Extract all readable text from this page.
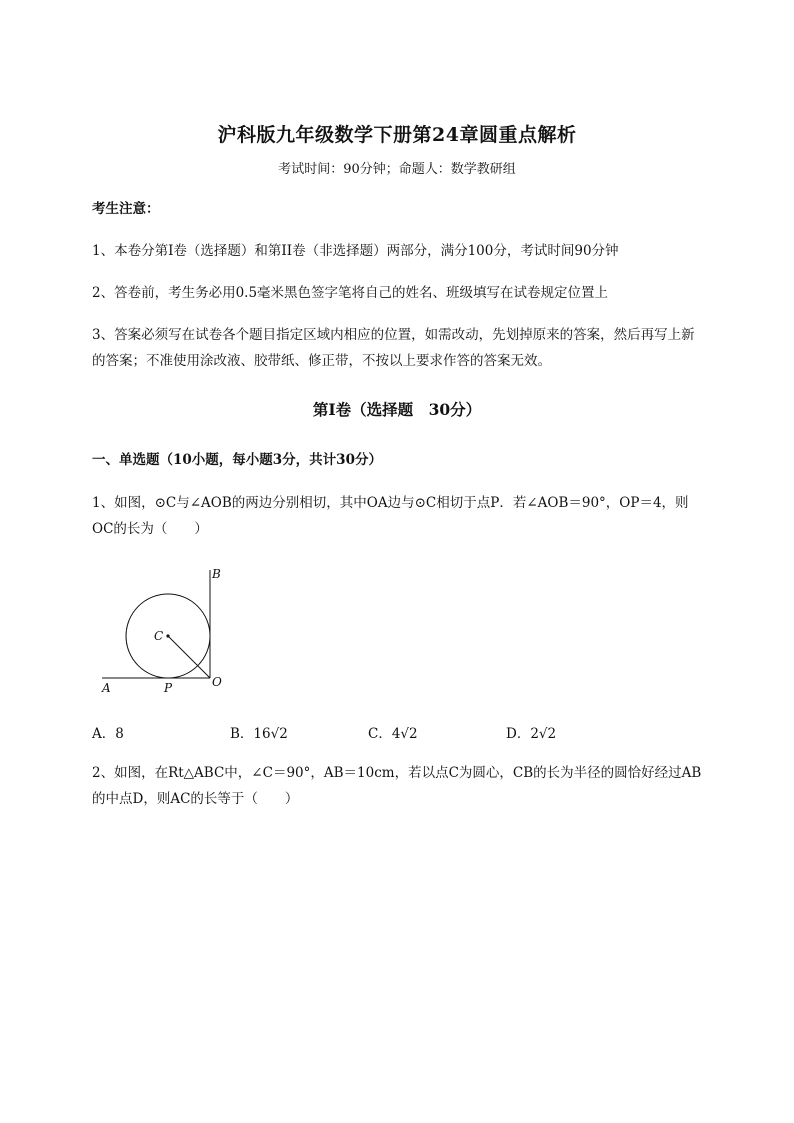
沪科版九年级数学下册第24章圆重点解析
考试时间：90分钟；命题人：数学教研组
考生注意：
1、本卷分第I卷（选择题）和第II卷（非选择题）两部分，满分100分，考试时间90分钟
2、答卷前，考生务必用0.5毫米黑色签字笔将自己的姓名、班级填写在试卷规定位置上
3、答案必须写在试卷各个题目指定区域内相应的位置，如需改动，先划掉原来的答案，然后再写上新
的答案；不准使用涂改液、胶带纸、修正带，不按以上要求作答的答案无效。
第I卷（选择题　30分）
一、单选题（10小题，每小题3分，共计30分）
1、如图，⊙C与∠AOB的两边分别相切，其中OA边与⊙C相切于点P．若∠AOB＝90°，OP＝4，则
OC的长为（　　）
B
C
A	P	O
A．8	B．16√2	C．4√2	D．2√2
2、如图，在Rt△ABC中，∠C＝90°，AB＝10cm，若以点C为圆心，CB的长为半径的圆恰好经过AB
的中点D，则AC的长等于（　　）
